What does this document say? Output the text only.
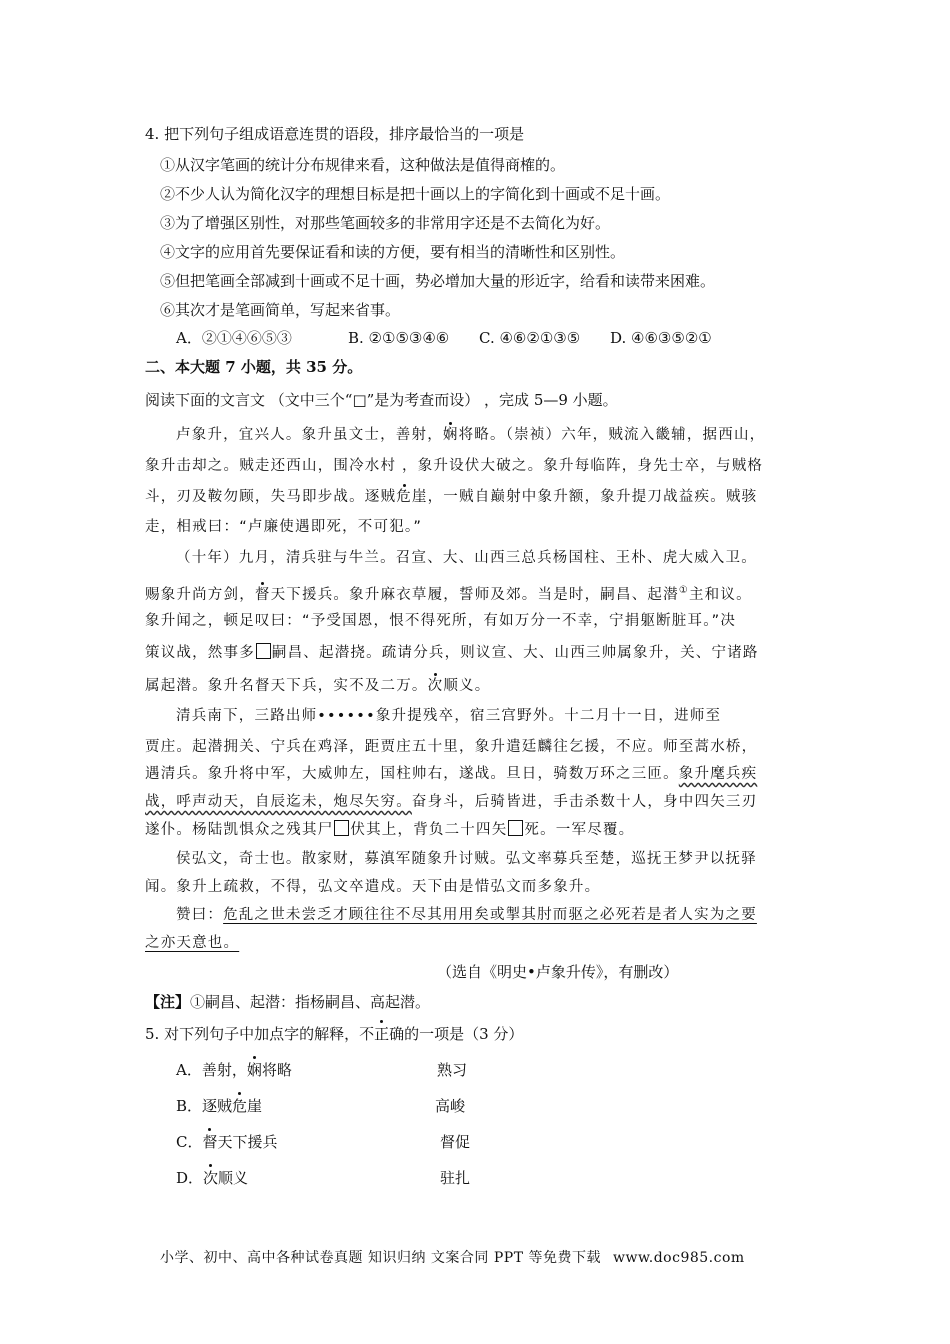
4. 把下列句子组成语意连贯的语段，排序最恰当的一项是
①从汉字笔画的统计分布规律来看，这种做法是值得商榷的。
②不少人认为简化汉字的理想目标是把十画以上的字简化到十画或不足十画。
③为了增强区别性，对那些笔画较多的非常用字还是不去简化为好。
④文字的应用首先要保证看和读的方便，要有相当的清晰性和区别性。
⑤但把笔画全部减到十画或不足十画，势必增加大量的形近字，给看和读带来困难。
⑥其次才是笔画简单，写起来省事。
A．②①④⑥⑤③	B. ②①⑤③④⑥ C. ④⑥②①③⑤ D. ④⑥③⑤②①
二、本大题 7 小题，共 35 分。
阅读下面的文言文 （文中三个“□”是为考查而设） ，完成 5—9 小题。
卢象升，宜兴人。象升虽文士，善射，娴将略。（崇祯）六年，贼流入畿辅，据西山，
象升击却之。贼走还西山，围冷水村 ，象升设伏大破之。象升每临阵，身先士卒，与贼格
斗，刃及鞍勿顾，失马即步战。逐贼危崖，一贼自巅射中象升额，象升提刀战益疾。贼骇
走，相戒曰：“卢廉使遇即死，不可犯。”
（十年）九月，清兵驻与牛兰。召宣、大、山西三总兵杨国柱、王朴、虎大威入卫。
赐象升尚方剑，督天下援兵。象升麻衣草履，誓师及郊。当是时，嗣昌、起潜①主和议。
象升闻之，顿足叹曰：“予受国恩，恨不得死所，有如万分一不幸，宁捐躯断脏耳。”决
策议战，然事多 嗣昌、起潜挠。疏请分兵，则议宣、大、山西三帅属象升，关、宁诸路
属起潜。象升名督天下兵，实不及二万。次顺义。
清兵南下，三路出师••••••象升提残卒，宿三宫野外。十二月十一日，进师至
贾庄。起潜拥关、宁兵在鸡泽，距贾庄五十里，象升遣廷麟往乞援，不应。师至蒿水桥，
遇清兵。象升将中军，大威帅左，国柱帅右，遂战。旦日，骑数万环之三匝。象升麾兵疾
战，呼声动天，自辰迄未，炮尽矢穷。奋身斗，后骑皆进，手击杀数十人，身中四矢三刃
遂仆。杨陆凯惧众之残其尸 伏其上，背负二十四矢 死。一军尽覆。
侯弘文，奇士也。散家财，募滇军随象升讨贼。弘文率募兵至楚，巡抚王梦尹以抚驿
闻。象升上疏救，不得，弘文卒遣戍。天下由是惜弘文而多象升。
赞曰：危乱之世未尝乏才顾往往不尽其用用矣或掣其肘而驱之必死若是者人实为之要
之亦天意也。
（选自《明史•卢象升传》，有删改）
【注】①嗣昌、起潜：指杨嗣昌、高起潜。
5. 对下列句子中加点字的解释，不正确的一项是（3 分）
A．善射，娴将略	熟习
B．逐贼危崖	高峻
C．督天下援兵	督促
D．次顺义	驻扎
小学、初中、高中各种试卷真题 知识归纳 文案合同 PPT 等免费下载 www.doc985.com
